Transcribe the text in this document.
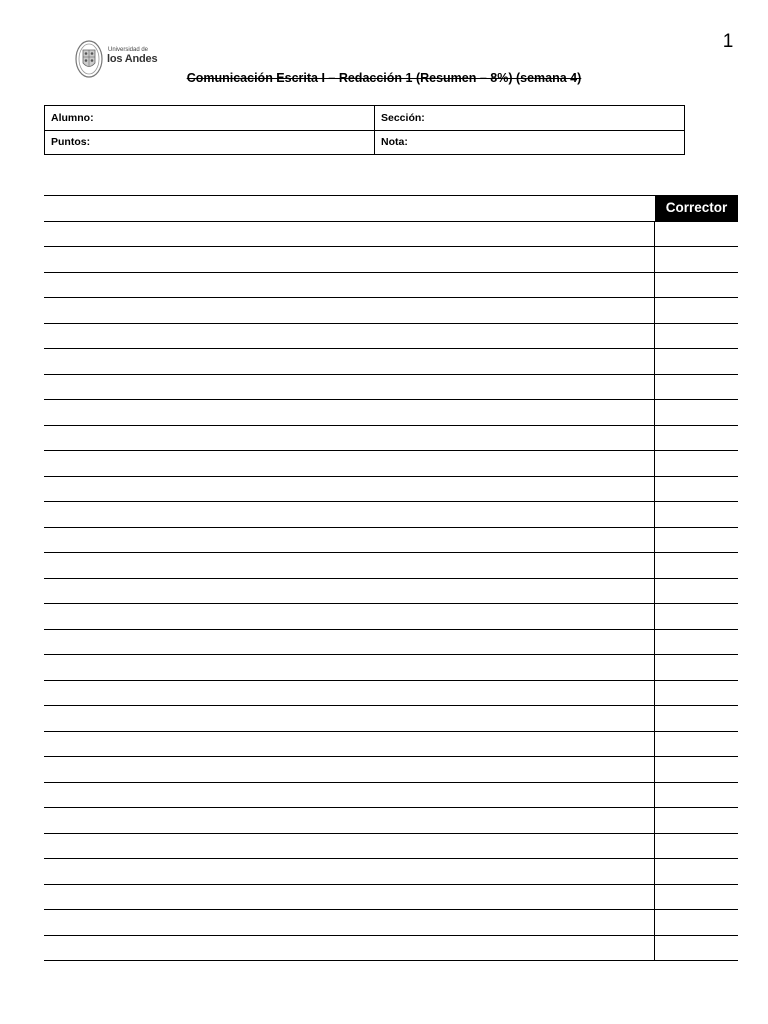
1
Universidad de
los Andes
Comunicación Escrita I – Redacción 1 (Resumen – 8%) (semana 4)
Alumno:	Sección:
Puntos:	Nota:
Corrector
